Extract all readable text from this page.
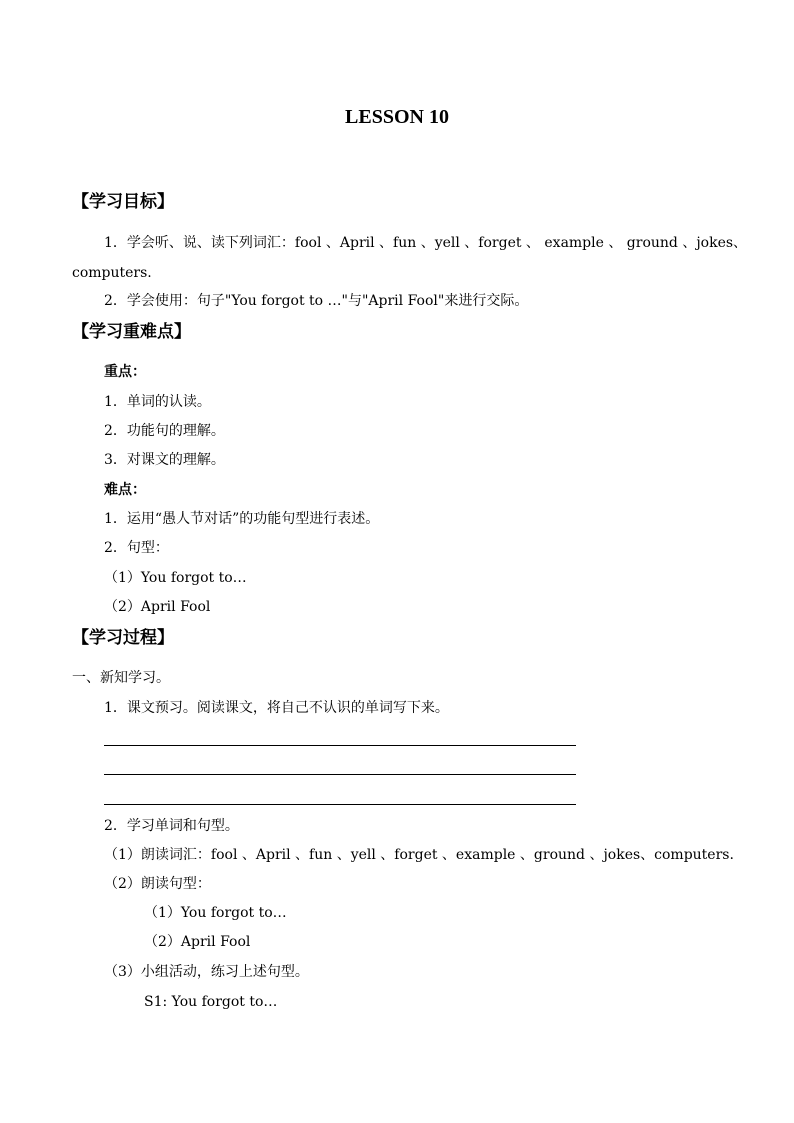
LESSON 10
【学习目标】
1．学会听、说、读下列词汇：fool 、April 、fun 、yell 、forget 、 example 、 ground 、jokes、
computers.
2．学会使用：句子"You forgot to …"与"April Fool"来进行交际。
【学习重难点】
重点：
1．单词的认读。
2．功能句的理解。
3．对课文的理解。
难点：
1．运用“愚人节对话”的功能句型进行表述。
2．句型：
（1）You forgot to…
（2）April Fool
【学习过程】
一、新知学习。
1．课文预习。阅读课文，将自己不认识的单词写下来。
2．学习单词和句型。
（1）朗读词汇：fool 、April 、fun 、yell 、forget 、example 、ground 、jokes、computers.
（2）朗读句型：
（1）You forgot to…
（2）April Fool
（3）小组活动，练习上述句型。
S1: You forgot to…
